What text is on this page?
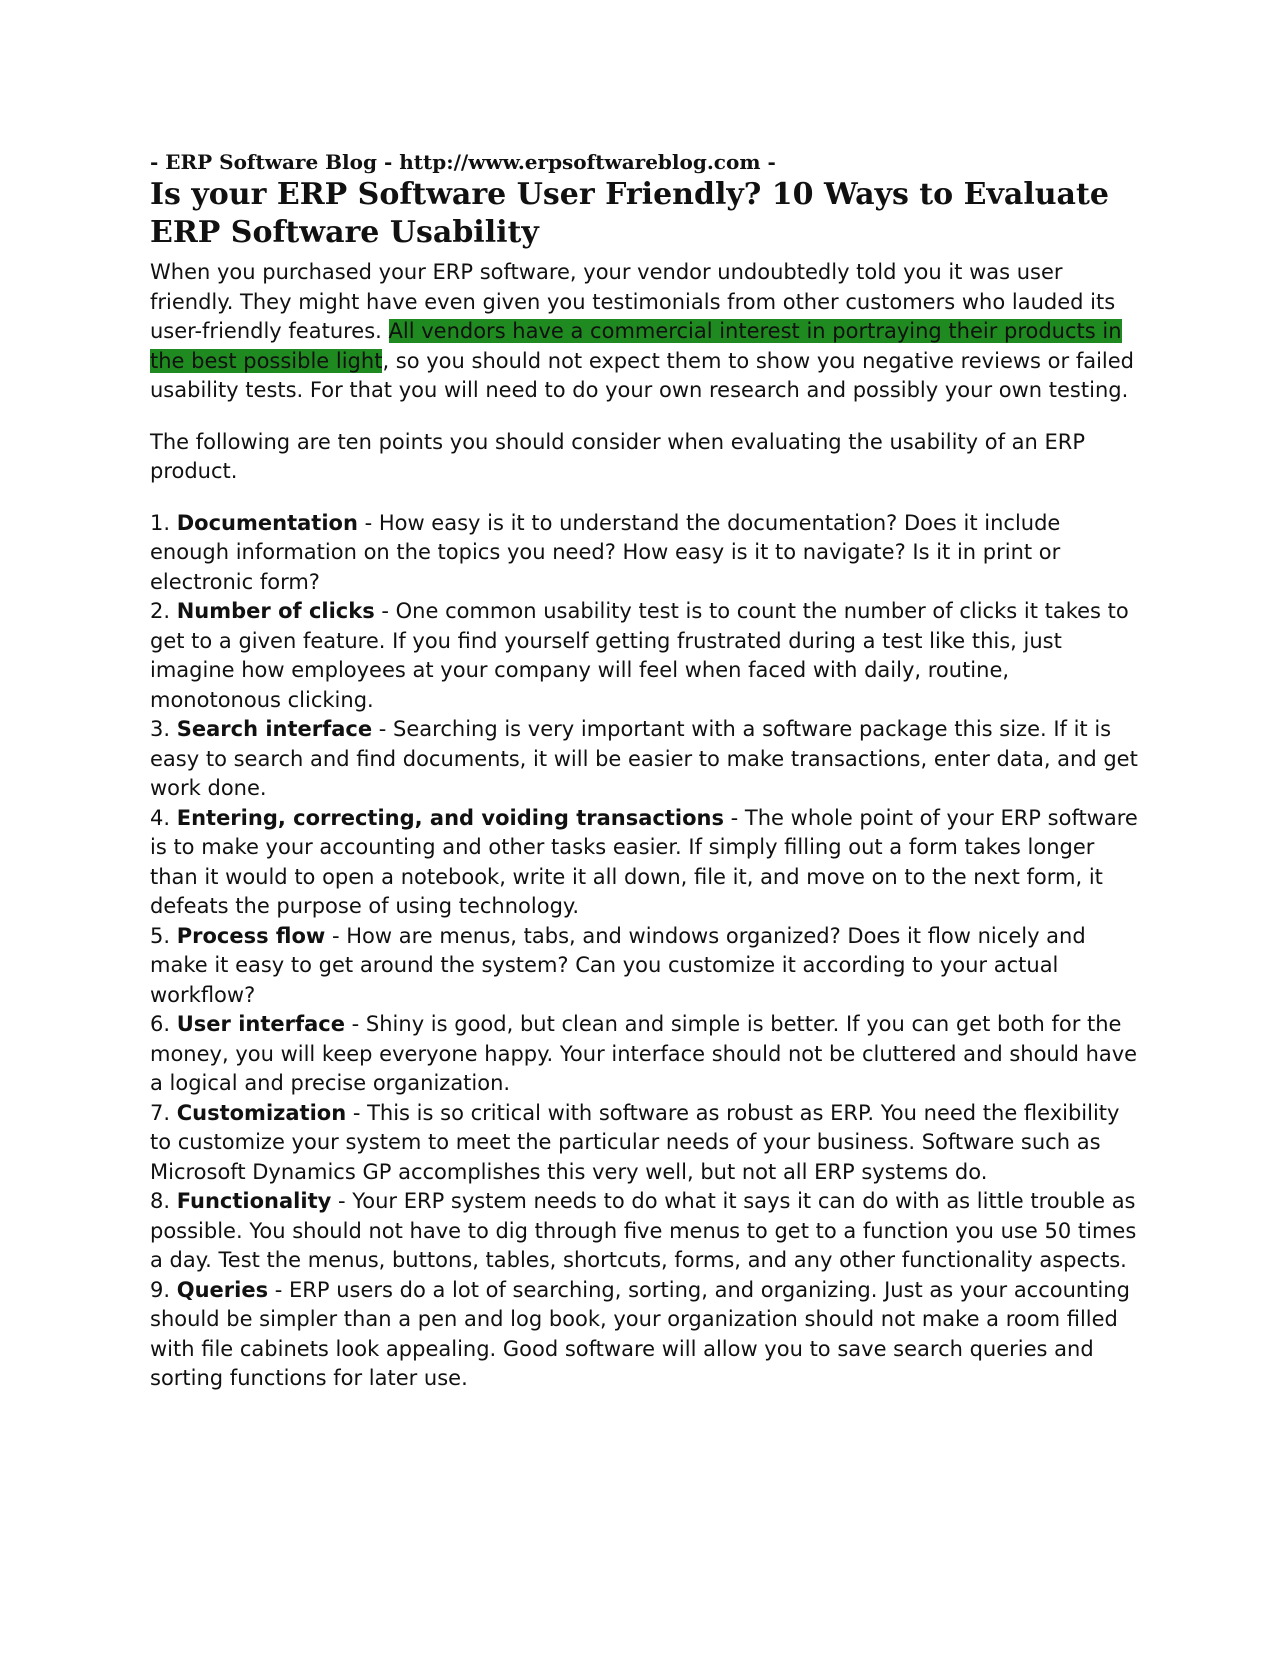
- ERP Software Blog - http://www.erpsoftwareblog.com -

Is your ERP Software User Friendly? 10 Ways to Evaluate ERP Software Usability

When you purchased your ERP software, your vendor undoubtedly told you it was user friendly. They might have even given you testimonials from other customers who lauded its user-friendly features. All vendors have a commercial interest in portraying their products in the best possible light, so you should not expect them to show you negative reviews or failed usability tests. For that you will need to do your own research and possibly your own testing.

The following are ten points you should consider when evaluating the usability of an ERP product.

1. Documentation - How easy is it to understand the documentation? Does it include enough information on the topics you need? How easy is it to navigate? Is it in print or electronic form?
2. Number of clicks - One common usability test is to count the number of clicks it takes to get to a given feature. If you find yourself getting frustrated during a test like this, just imagine how employees at your company will feel when faced with daily, routine, monotonous clicking.
3. Search interface - Searching is very important with a software package this size. If it is easy to search and find documents, it will be easier to make transactions, enter data, and get work done.
4. Entering, correcting, and voiding transactions - The whole point of your ERP software is to make your accounting and other tasks easier. If simply filling out a form takes longer than it would to open a notebook, write it all down, file it, and move on to the next form, it defeats the purpose of using technology.
5. Process flow - How are menus, tabs, and windows organized? Does it flow nicely and make it easy to get around the system? Can you customize it according to your actual workflow?
6. User interface - Shiny is good, but clean and simple is better. If you can get both for the money, you will keep everyone happy. Your interface should not be cluttered and should have a logical and precise organization.
7. Customization - This is so critical with software as robust as ERP. You need the flexibility to customize your system to meet the particular needs of your business. Software such as Microsoft Dynamics GP accomplishes this very well, but not all ERP systems do.
8. Functionality - Your ERP system needs to do what it says it can do with as little trouble as possible. You should not have to dig through five menus to get to a function you use 50 times a day. Test the menus, buttons, tables, shortcuts, forms, and any other functionality aspects.
9. Queries - ERP users do a lot of searching, sorting, and organizing. Just as your accounting should be simpler than a pen and log book, your organization should not make a room filled with file cabinets look appealing. Good software will allow you to save search queries and sorting functions for later use.
